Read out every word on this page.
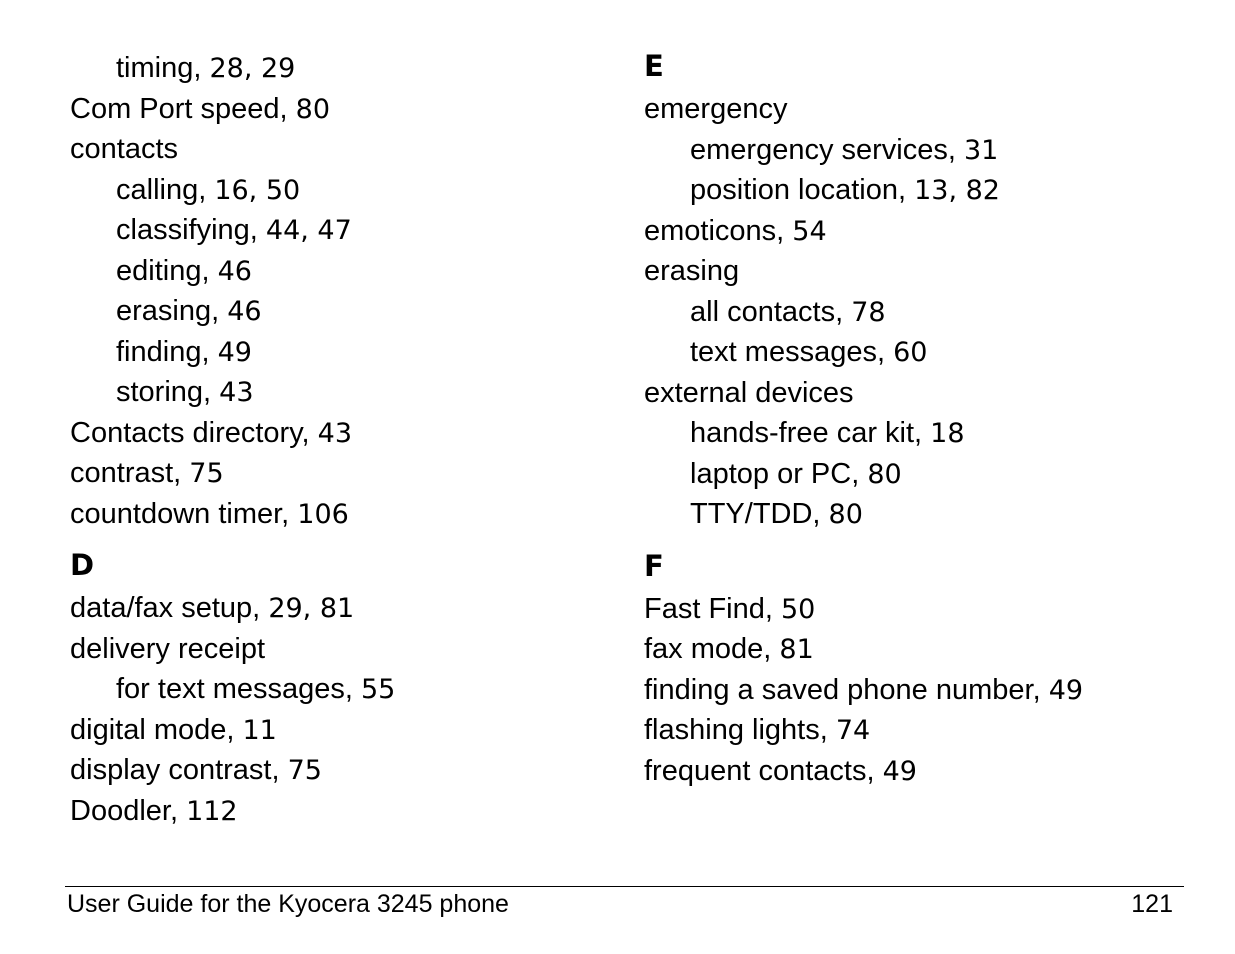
timing, 28, 29
Com Port speed, 80
contacts
calling, 16, 50
classifying, 44, 47
editing, 46
erasing, 46
finding, 49
storing, 43
Contacts directory, 43
contrast, 75
countdown timer, 106
D
data/fax setup, 29, 81
delivery receipt
for text messages, 55
digital mode, 11
display contrast, 75
Doodler, 112
E
emergency
emergency services, 31
position location, 13, 82
emoticons, 54
erasing
all contacts, 78
text messages, 60
external devices
hands-free car kit, 18
laptop or PC, 80
TTY/TDD, 80
F
Fast Find, 50
fax mode, 81
finding a saved phone number, 49
flashing lights, 74
frequent contacts, 49
User Guide for the Kyocera 3245 phone	121
